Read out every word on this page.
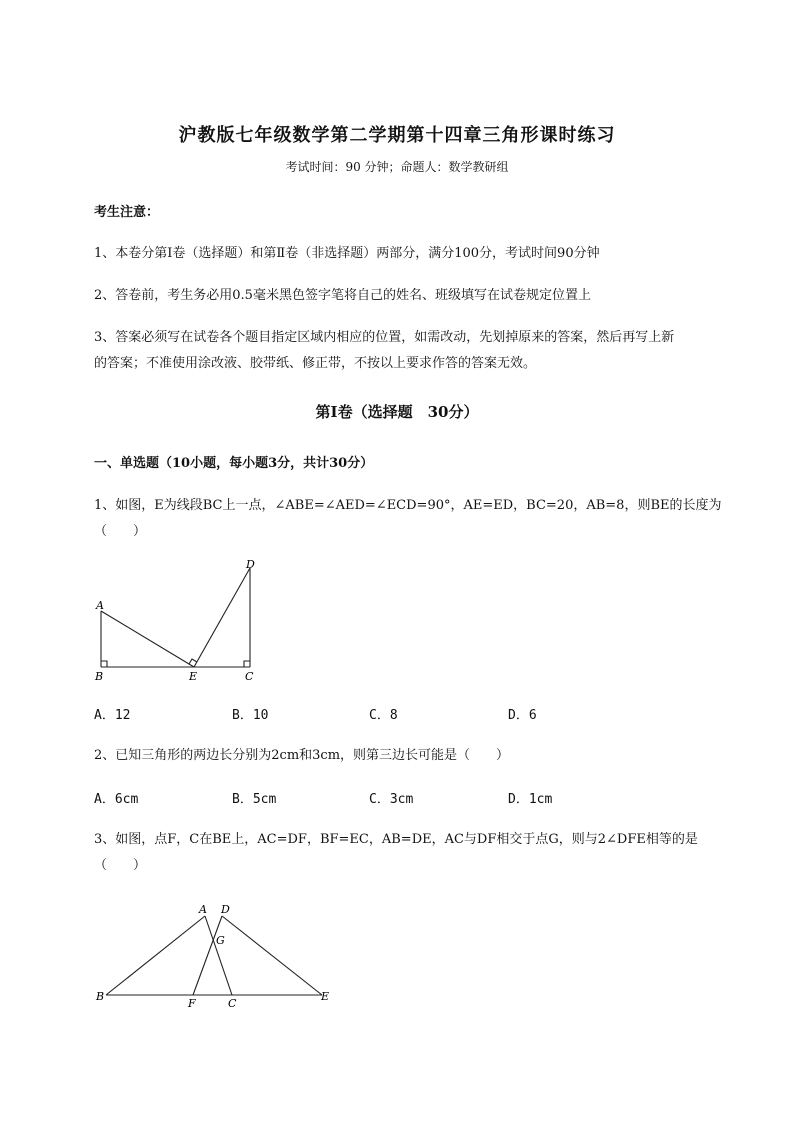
沪教版七年级数学第二学期第十四章三角形课时练习
考试时间：90 分钟；命题人：数学教研组
考生注意：
1、本卷分第I卷（选择题）和第Ⅱ卷（非选择题）两部分，满分100分，考试时间90分钟
2、答卷前，考生务必用0.5毫米黑色签字笔将自己的姓名、班级填写在试卷规定位置上
3、答案必须写在试卷各个题目指定区域内相应的位置，如需改动，先划掉原来的答案，然后再写上新
的答案；不准使用涂改液、胶带纸、修正带，不按以上要求作答的答案无效。
第I卷（选择题　30分）
一、单选题（10小题，每小题3分，共计30分）
1、如图，E为线段BC上一点，∠ABE=∠AED=∠ECD=90°，AE=ED，BC=20，AB=8，则BE的长度为
（　　）
A
B	E	C
D
A．12	B．10	C．8	D．6
2、已知三角形的两边长分别为2cm和3cm，则第三边长可能是（　　）
A．6cm	B．5cm	C．3cm	D．1cm
3、如图，点F，C在BE上，AC=DF，BF=EC，AB=DE，AC与DF相交于点G，则与2∠DFE相等的是
（　　）
A D
G
B
F	C
E
